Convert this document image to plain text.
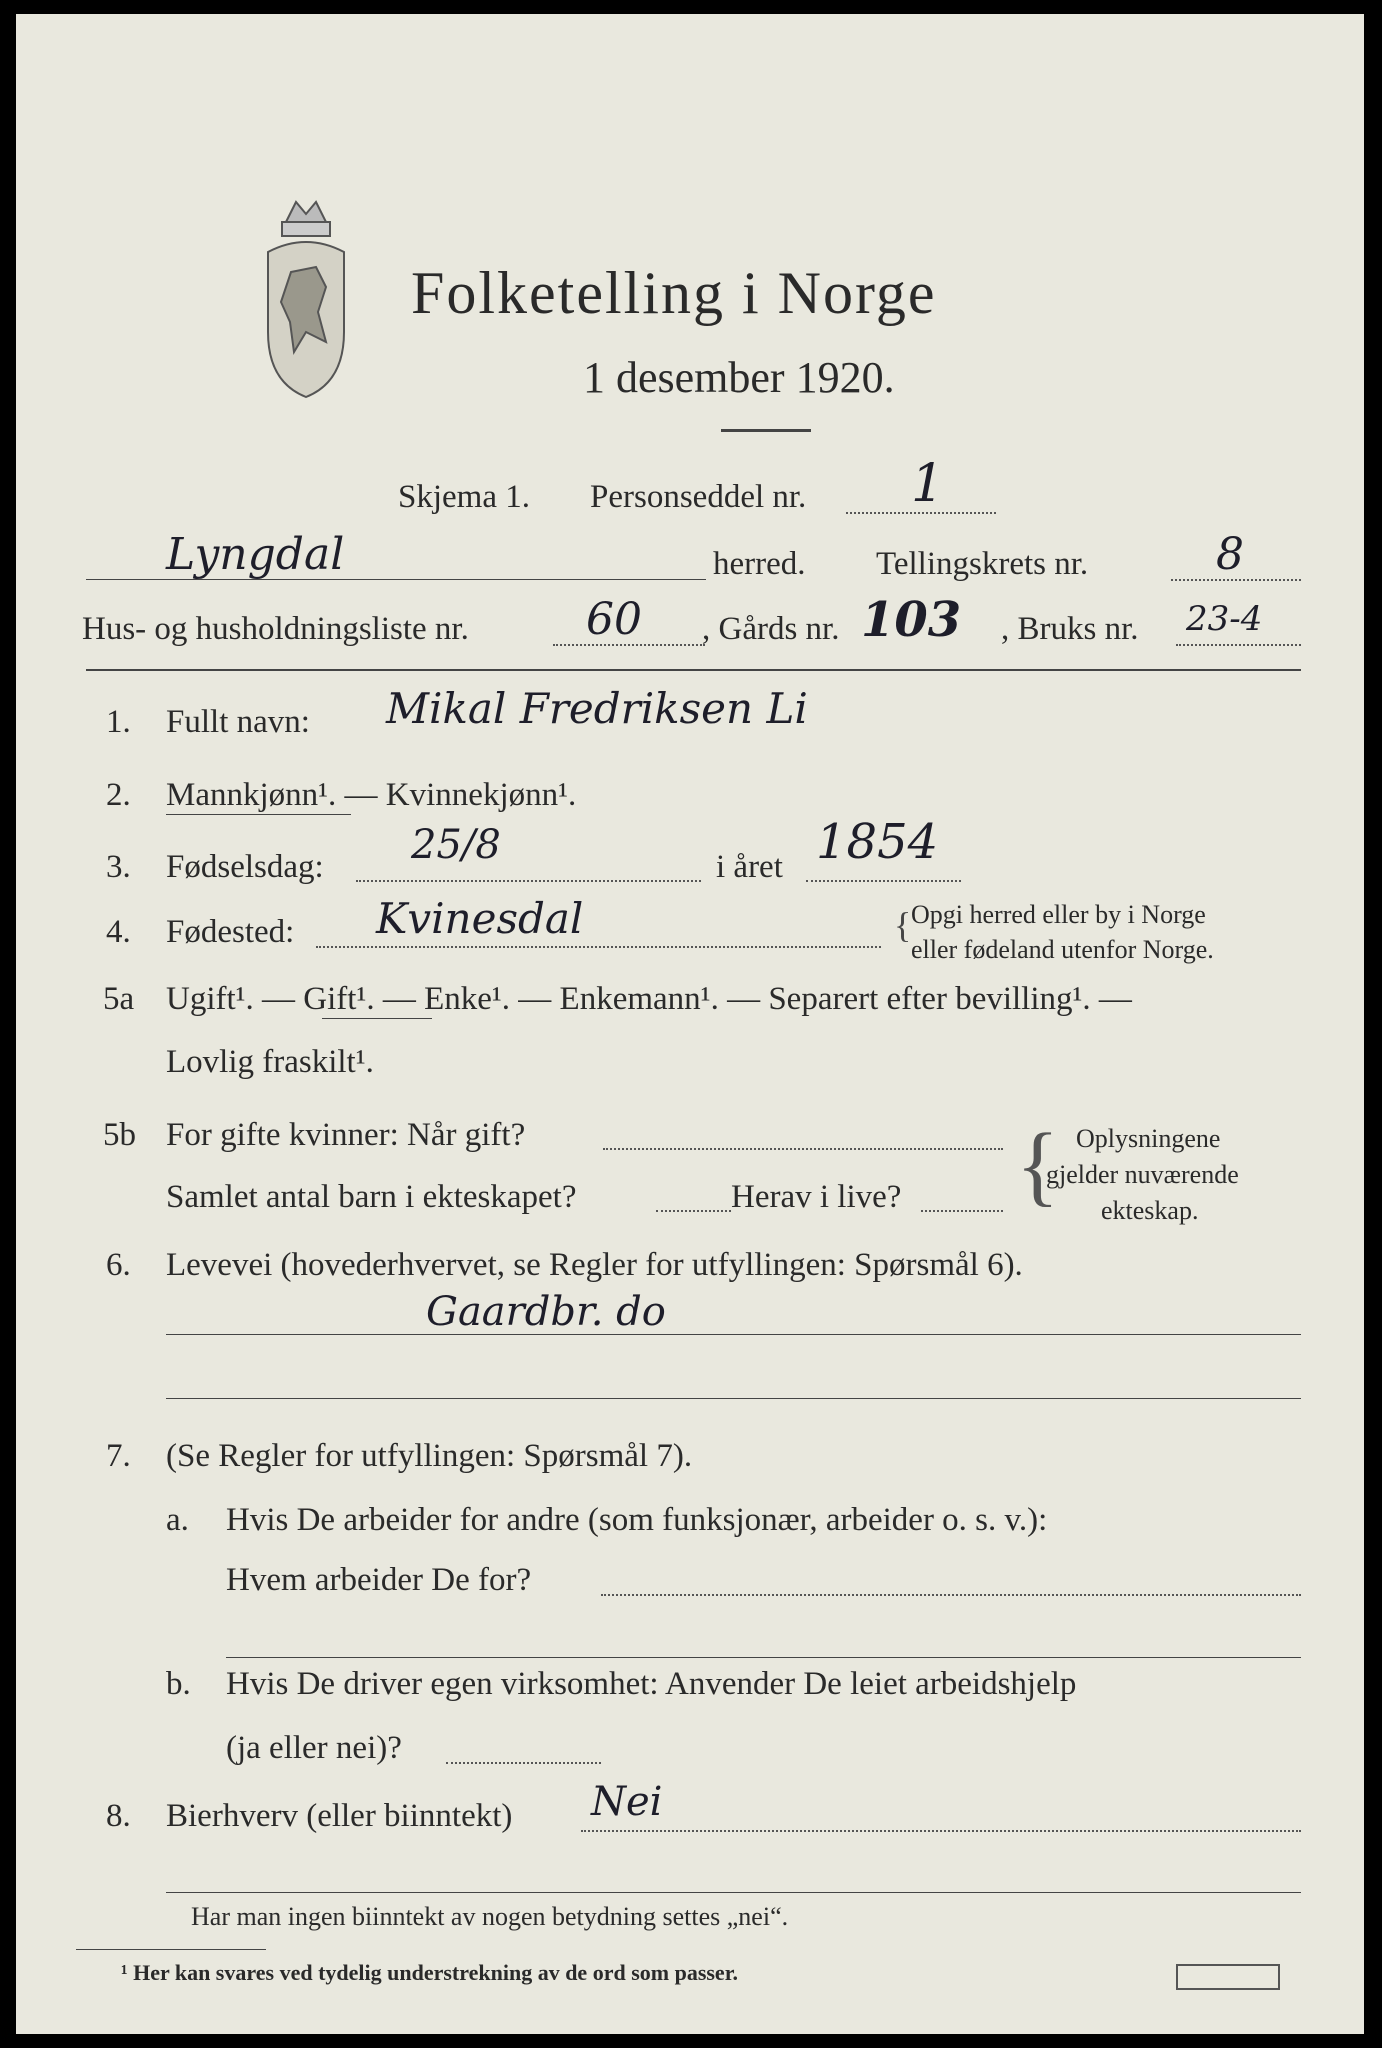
Folketelling i Norge
1 desember 1920.
Skjema 1. Personseddel nr. 1
Lyngdal	herred. Tellingskrets nr.	8
Hus- og husholdningsliste nr.	60 , Gårds nr. 103 , Bruks nr. 23-4
1. Fullt navn: Mikal Fredriksen Li
2. Mannkjønn¹. — Kvinnekjønn¹.
3. Fødselsdag: 25/8	i året 1854
4. Fødested: Kvinesdal	{ Opgi herred eller by i Norge
eller fødeland utenfor Norge.
5a Ugift¹. — Gift¹. — Enke¹. — Enkemann¹. — Separert efter bevilling¹. —
Lovlig fraskilt¹.
5b For gifte kvinner: Når gift?
Samlet antal barn i ekteskapet?	Herav i live? { Oplysningene
gjelder nuværende
ekteskap.
6. Levevei (hovederhvervet, se Regler for utfyllingen: Spørsmål 6).
Gaardbr. do
7. (Se Regler for utfyllingen: Spørsmål 7).
a. Hvis De arbeider for andre (som funksjonær, arbeider o. s. v.):
Hvem arbeider De for?
b. Hvis De driver egen virksomhet: Anvender De leiet arbeidshjelp
(ja eller nei)?
8. Bierhverv (eller biinntekt) Nei
Har man ingen biinntekt av nogen betydning settes „nei“.
¹ Her kan svares ved tydelig understrekning av de ord som passer.
